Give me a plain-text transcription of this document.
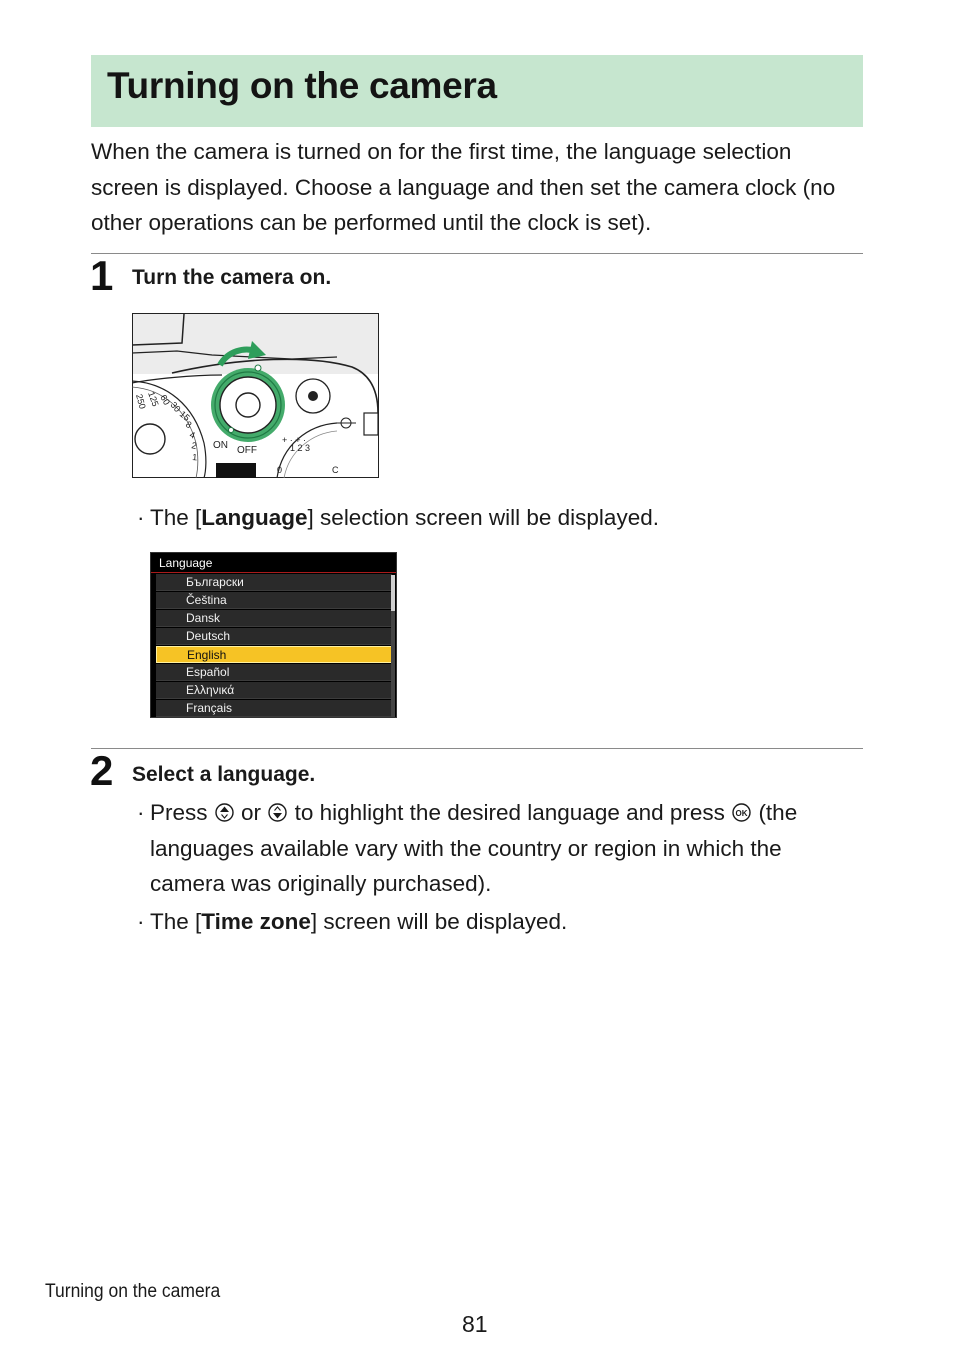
Turning on the camera

When the camera is turned on for the first time, the language selection screen is displayed. Choose a language and then set the camera clock (no other operations can be performed until the clock is set).

1 Turn the camera on.
250
125
60
30
15
8
4
2
1
ON OFF
+ · + ·
1 2 3
0	C
· The [Language] selection screen will be displayed.
Language
Български
Čeština
Dansk
Deutsch
English
Español
Ελληνικά
Français
2 Select a language.
· Press or to highlight the desired language and press OK (the languages available vary with the country or region in which the camera was originally purchased).
· The [Time zone] screen will be displayed.
Turning on the camera
81
